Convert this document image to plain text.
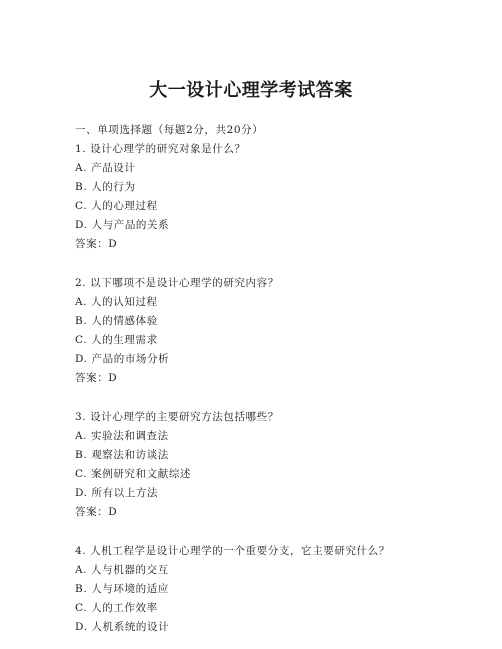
大一设计心理学考试答案
一、单项选择题（每题2分，共20分）
1. 设计心理学的研究对象是什么？
A. 产品设计
B. 人的行为
C. 人的心理过程
D. 人与产品的关系
答案：D
2. 以下哪项不是设计心理学的研究内容？
A. 人的认知过程
B. 人的情感体验
C. 人的生理需求
D. 产品的市场分析
答案：D
3. 设计心理学的主要研究方法包括哪些？
A. 实验法和调查法
B. 观察法和访谈法
C. 案例研究和文献综述
D. 所有以上方法
答案：D
4. 人机工程学是设计心理学的一个重要分支，它主要研究什么？
A. 人与机器的交互
B. 人与环境的适应
C. 人的工作效率
D. 人机系统的设计
